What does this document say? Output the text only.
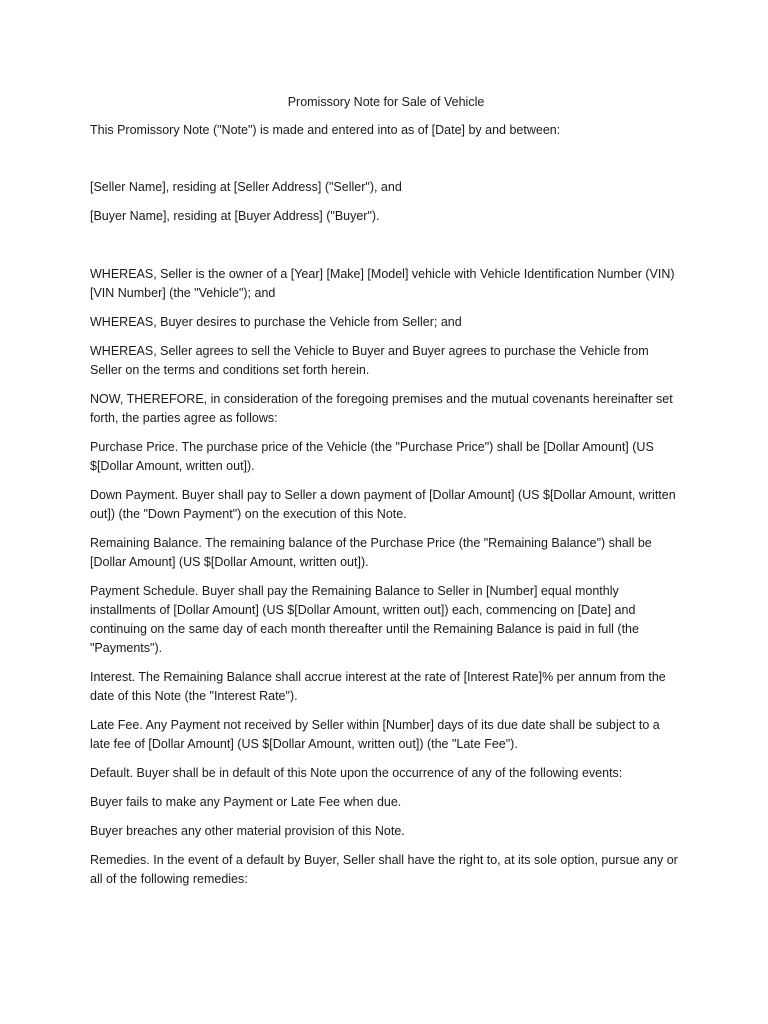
Promissory Note for Sale of Vehicle

This Promissory Note ("Note") is made and entered into as of [Date] by and between:

[Seller Name], residing at [Seller Address] ("Seller"), and

[Buyer Name], residing at [Buyer Address] ("Buyer").

WHEREAS, Seller is the owner of a [Year] [Make] [Model] vehicle with Vehicle Identification Number (VIN) [VIN Number] (the "Vehicle"); and

WHEREAS, Buyer desires to purchase the Vehicle from Seller; and

WHEREAS, Seller agrees to sell the Vehicle to Buyer and Buyer agrees to purchase the Vehicle from Seller on the terms and conditions set forth herein.

NOW, THEREFORE, in consideration of the foregoing premises and the mutual covenants hereinafter set forth, the parties agree as follows:

Purchase Price. The purchase price of the Vehicle (the "Purchase Price") shall be [Dollar Amount] (US $[Dollar Amount, written out]).

Down Payment. Buyer shall pay to Seller a down payment of [Dollar Amount] (US $[Dollar Amount, written out]) (the "Down Payment") on the execution of this Note.

Remaining Balance. The remaining balance of the Purchase Price (the "Remaining Balance") shall be [Dollar Amount] (US $[Dollar Amount, written out]).

Payment Schedule. Buyer shall pay the Remaining Balance to Seller in [Number] equal monthly installments of [Dollar Amount] (US $[Dollar Amount, written out]) each, commencing on [Date] and continuing on the same day of each month thereafter until the Remaining Balance is paid in full (the "Payments").

Interest. The Remaining Balance shall accrue interest at the rate of [Interest Rate]% per annum from the date of this Note (the "Interest Rate").

Late Fee. Any Payment not received by Seller within [Number] days of its due date shall be subject to a late fee of [Dollar Amount] (US $[Dollar Amount, written out]) (the "Late Fee").

Default. Buyer shall be in default of this Note upon the occurrence of any of the following events:

Buyer fails to make any Payment or Late Fee when due.

Buyer breaches any other material provision of this Note.

Remedies. In the event of a default by Buyer, Seller shall have the right to, at its sole option, pursue any or all of the following remedies:
